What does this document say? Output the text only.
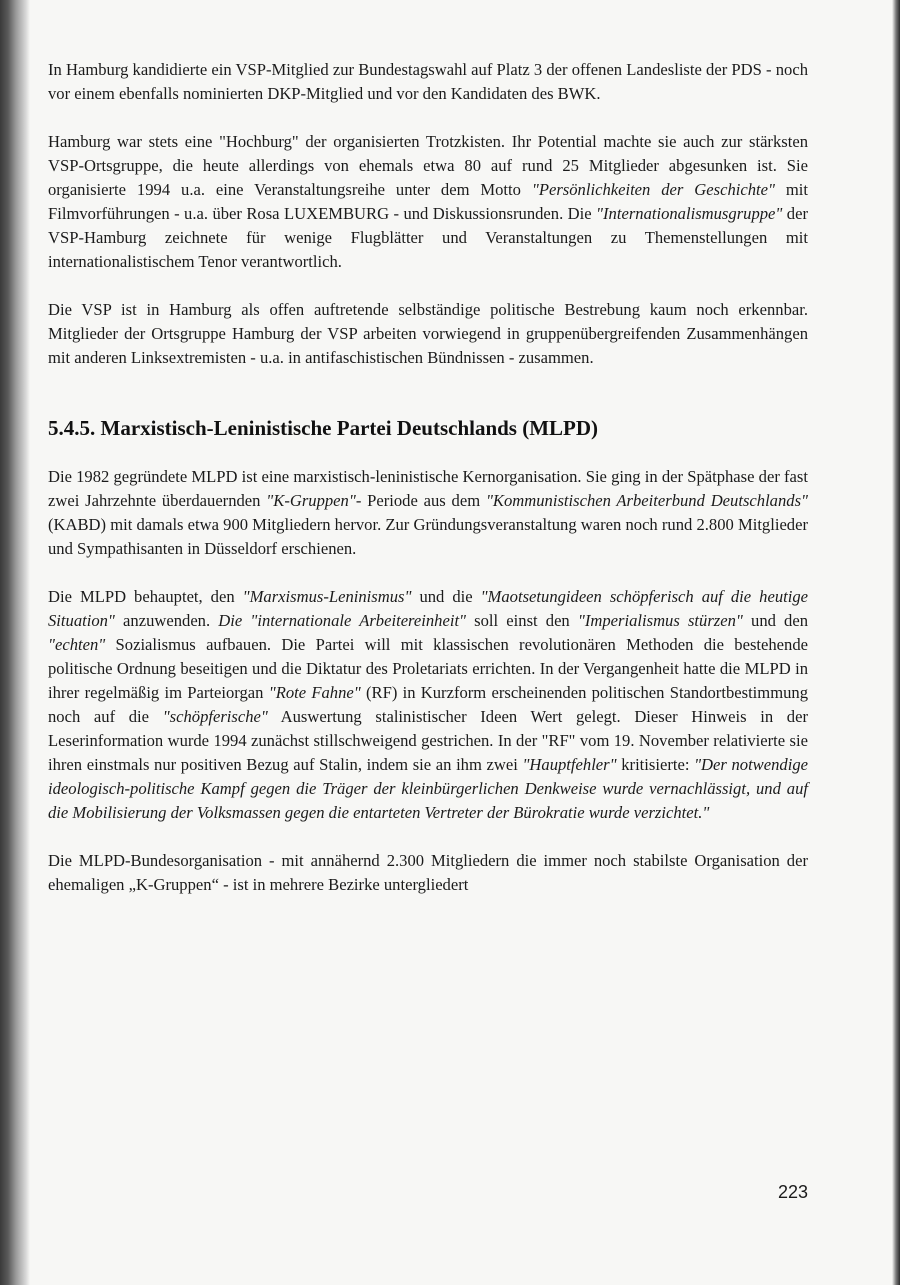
In Hamburg kandidierte ein VSP-Mitglied zur Bundestagswahl auf Platz 3 der offenen Landesliste der PDS - noch vor einem ebenfalls nominierten DKP-Mitglied und vor den Kandidaten des BWK.

Hamburg war stets eine "Hochburg" der organisierten Trotzkisten. Ihr Potential machte sie auch zur stärksten VSP-Ortsgruppe, die heute allerdings von ehemals etwa 80 auf rund 25 Mitglieder abgesunken ist. Sie organisierte 1994 u.a. eine Veranstaltungsreihe unter dem Motto "Persönlichkeiten der Geschichte" mit Filmvorführungen - u.a. über Rosa LUXEMBURG - und Diskussionsrunden. Die "Internationalismusgruppe" der VSP-Hamburg zeichnete für wenige Flugblätter und Veranstaltungen zu Themenstellungen mit internationalistischem Tenor verantwortlich.

Die VSP ist in Hamburg als offen auftretende selbständige politische Bestrebung kaum noch erkennbar. Mitglieder der Ortsgruppe Hamburg der VSP arbeiten vorwiegend in gruppenübergreifenden Zusammenhängen mit anderen Linksextremisten - u.a. in antifaschistischen Bündnissen - zusammen.

5.4.5. Marxistisch-Leninistische Partei Deutschlands (MLPD)

Die 1982 gegründete MLPD ist eine marxistisch-leninistische Kernorganisation. Sie ging in der Spätphase der fast zwei Jahrzehnte überdauernden "K-Gruppen"- Periode aus dem "Kommunistischen Arbeiterbund Deutschlands" (KABD) mit damals etwa 900 Mitgliedern hervor. Zur Gründungsveranstaltung waren noch rund 2.800 Mitglieder und Sympathisanten in Düsseldorf erschienen.

Die MLPD behauptet, den "Marxismus-Leninismus" und die "Maotsetungideen schöpferisch auf die heutige Situation" anzuwenden. Die "internationale Arbeitereinheit" soll einst den "Imperialismus stürzen" und den "echten" Sozialismus aufbauen. Die Partei will mit klassischen revolutionären Methoden die bestehende politische Ordnung beseitigen und die Diktatur des Proletariats errichten. In der Vergangenheit hatte die MLPD in ihrer regelmäßig im Parteiorgan "Rote Fahne" (RF) in Kurzform erscheinenden politischen Standortbestimmung noch auf die "schöpferische" Auswertung stalinistischer Ideen Wert gelegt. Dieser Hinweis in der Leserinformation wurde 1994 zunächst stillschweigend gestrichen. In der "RF" vom 19. November relativierte sie ihren einstmals nur positiven Bezug auf Stalin, indem sie an ihm zwei "Hauptfehler" kritisierte: "Der notwendige ideologisch-politische Kampf gegen die Träger der kleinbürgerlichen Denkweise wurde vernachlässigt, und auf die Mobilisierung der Volksmassen gegen die entarteten Vertreter der Bürokratie wurde verzichtet."

Die MLPD-Bundesorganisation - mit annähernd 2.300 Mitgliedern die immer noch stabilste Organisation der ehemaligen „K-Gruppen“ - ist in mehrere Bezirke untergliedert

223
